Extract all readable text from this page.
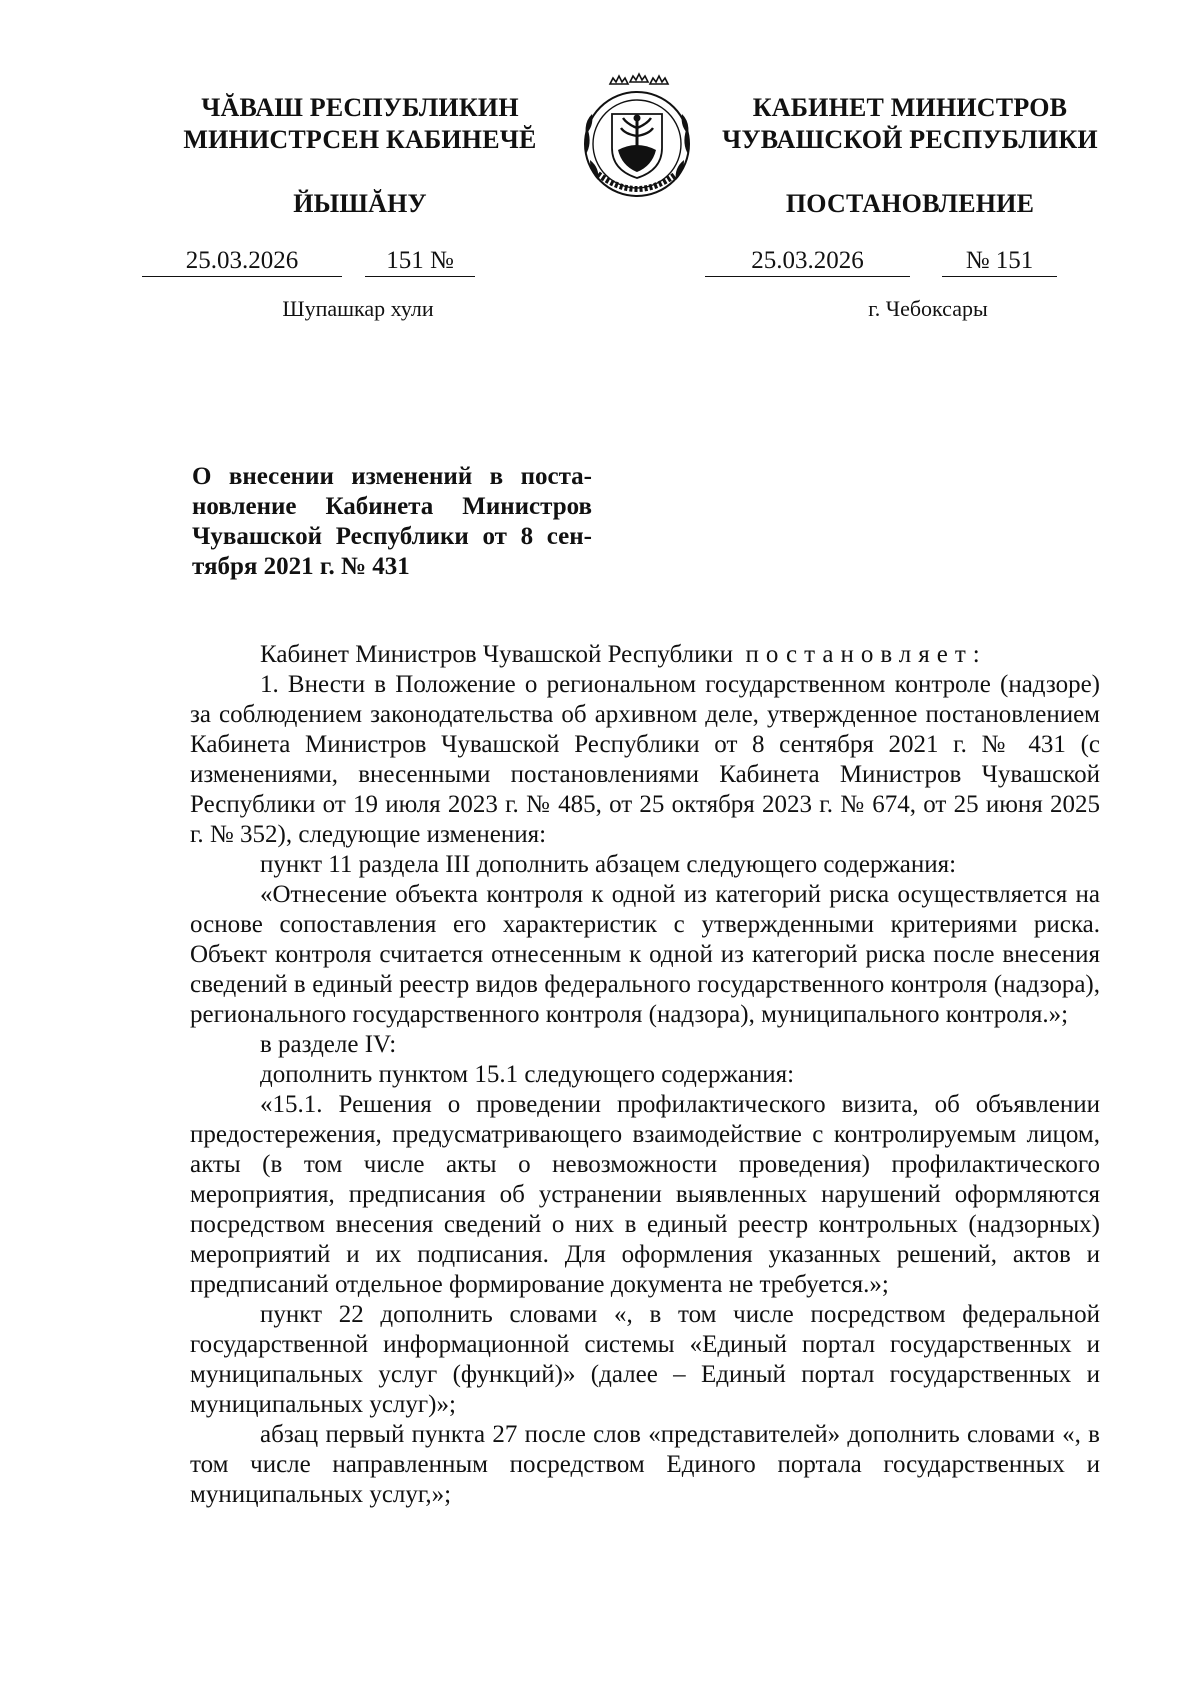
ЧĂВАШ РЕСПУБЛИКИН
МИНИСТРСЕН КАБИНЕЧĔ
ЙЫШĂНУ
КАБИНЕТ МИНИСТРОВ
ЧУВАШСКОЙ РЕСПУБЛИКИ
ПОСТАНОВЛЕНИЕ
25.03.2026	151 №	25.03.2026	№ 151
Шупашкар хули	г. Чебоксары
О внесении изменений в поста-
новление Кабинета Министров
Чувашской Республики от 8 сен-
тября 2021 г. № 431

Кабинет Министров Чувашской Республики постановляет:

1. Внести в Положение о региональном государственном контроле (надзоре) за соблюдением законодательства об архивном деле, утвержденное постановлением Кабинета Министров Чувашской Республики от 8 сентября 2021 г. № 431 (с изменениями, внесенными постановлениями Кабинета Министров Чувашской Республики от 19 июля 2023 г. № 485, от 25 октября 2023 г. № 674, от 25 июня 2025 г. № 352), следующие изменения:

пункт 11 раздела III дополнить абзацем следующего содержания:

«Отнесение объекта контроля к одной из категорий риска осуществляется на основе сопоставления его характеристик с утвержденными критериями риска. Объект контроля считается отнесенным к одной из категорий риска после внесения сведений в единый реестр видов федерального государственного контроля (надзора), регионального государственного контроля (надзора), муниципального контроля.»;

в разделе IV:

дополнить пунктом 15.1 следующего содержания:

«15.1. Решения о проведении профилактического визита, об объявлении предостережения, предусматривающего взаимодействие с контролируемым лицом, акты (в том числе акты о невозможности проведения) профилактического мероприятия, предписания об устранении выявленных нарушений оформляются посредством внесения сведений о них в единый реестр контрольных (надзорных) мероприятий и их подписания. Для оформления указанных решений, актов и предписаний отдельное формирование документа не требуется.»;

пункт 22 дополнить словами «, в том числе посредством федеральной государственной информационной системы «Единый портал государственных и муниципальных услуг (функций)» (далее – Единый портал государственных и муниципальных услуг)»;

абзац первый пункта 27 после слов «представителей» дополнить словами «, в том числе направленным посредством Единого портала государственных и муниципальных услуг,»;
